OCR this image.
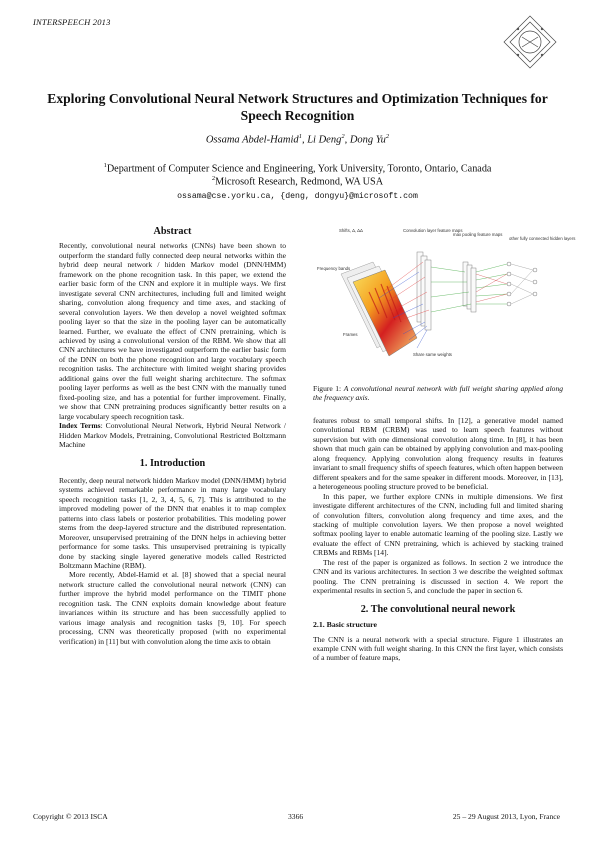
INTERSPEECH 2013
Exploring Convolutional Neural Network Structures and Optimization Techniques for Speech Recognition
Ossama Abdel-Hamid$^1$, Li Deng$^2$, Dong Yu$^2$
$^1$Department of Computer Science and Engineering, York University, Toronto, Ontario, Canada
$^2$Microsoft Research, Redmond, WA USA
ossama@cse.yorku.ca, {deng, dongyu}@microsoft.com
Abstract

Recently, convolutional neural networks (CNNs) have been shown to outperform the standard fully connected deep neural networks within the hybrid deep neural network / hidden Markov model (DNN/HMM) framework on the phone recognition task. In this paper, we extend the earlier basic form of the CNN and explore it in multiple ways. We first investigate several CNN architectures, including full and limited weight sharing, convolution along frequency and time axes, and stacking of several convolution layers. We then develop a novel weighted softmax pooling layer so that the size in the pooling layer can be automatically learned. Further, we evaluate the effect of CNN pretraining, which is achieved by using a convolutional version of the RBM. We show that all CNN architectures we have investigated outperform the earlier basic form of the DNN on both the phone recognition and large vocabulary speech recognition tasks. The architecture with limited weight sharing provides additional gains over the full weight sharing architecture. The softmax pooling layer performs as well as the best CNN with the manually tuned fixed-pooling size, and has a potential for further improvement. Finally, we show that CNN pretraining produces significantly better results on a large vocabulary speech recognition task.

Index Terms: Convolutional Neural Network, Hybrid Neural Network / Hidden Markov Models, Pretraining, Convolutional Restricted Boltzmann Machine

1. Introduction

Recently, deep neural network hidden Markov model (DNN/HMM) hybrid systems achieved remarkable performance in many large vocabulary speech recognition tasks [1, 2, 3, 4, 5, 6, 7]. This is attributed to the improved modeling power of the DNN that enables it to map complex patterns into class labels or posterior probabilities. This modeling power stems from the deep-layered structure and the distributed representation. Moreover, unsupervised pretraining of the DNN helps in achieving better performance for some tasks. This unsupervised pretraining is typically done by stacking single layered generative models called Restricted Boltzmann Machine (RBM).

More recently, Abdel-Hamid et al. [8] showed that a special neural network structure called the convolutional neural network (CNN) can further improve the hybrid model performance on the TIMIT phone recognition task. The CNN exploits domain knowledge about feature invariances within its structure and has been successfully applied to various image analysis and recognition tasks [9, 10]. For speech processing, CNN was theoretically proposed (with no experimental verification) in [11] but with convolution along the time axis to obtain

Shifts, Δ, ΔΔ	Convolution layer feature maps
max pooling feature maps
other fully connected hidden layers
Frequency bands
Frames
Share same weights
Figure 1: A convolutional neural network with full weight sharing applied along the frequency axis.

features robust to small temporal shifts. In [12], a generative model named convolutional RBM (CRBM) was used to learn speech features without supervision but with one dimensional convolution along time. In [8], it has been shown that much gain can be obtained by applying convolution and max-pooling along frequency. Applying convolution along frequency results in features invariant to small frequency shifts of speech features, which often happen between different speakers and for the same speaker in different moods. Moreover, in [13], a heterogeneous pooling structure proved to be beneficial.

In this paper, we further explore CNNs in multiple dimensions. We first investigate different architectures of the CNN, including full and limited sharing of convolution filters, convolution along frequency and time axes, and the stacking of multiple convolution layers. We then propose a novel weighted softmax pooling layer to enable automatic learning of the pooling size. Lastly we evaluate the effect of CNN pretraining, which is achieved by stacking trained CRBMs and RBMs [14].

The rest of the paper is organized as follows. In section 2 we introduce the CNN and its various architectures. In section 3 we describe the weighted softmax pooling. The CNN pretraining is discussed in section 4. We report the experimental results in section 5, and conclude the paper in section 6.

2. The convolutional neural nework
2.1. Basic structure

The CNN is a neural network with a special structure. Figure 1 illustrates an example CNN with full weight sharing. In this CNN the first layer, which consists of a number of feature maps,

Copyright © 2013 ISCA	3366	25 – 29 August 2013, Lyon, France
